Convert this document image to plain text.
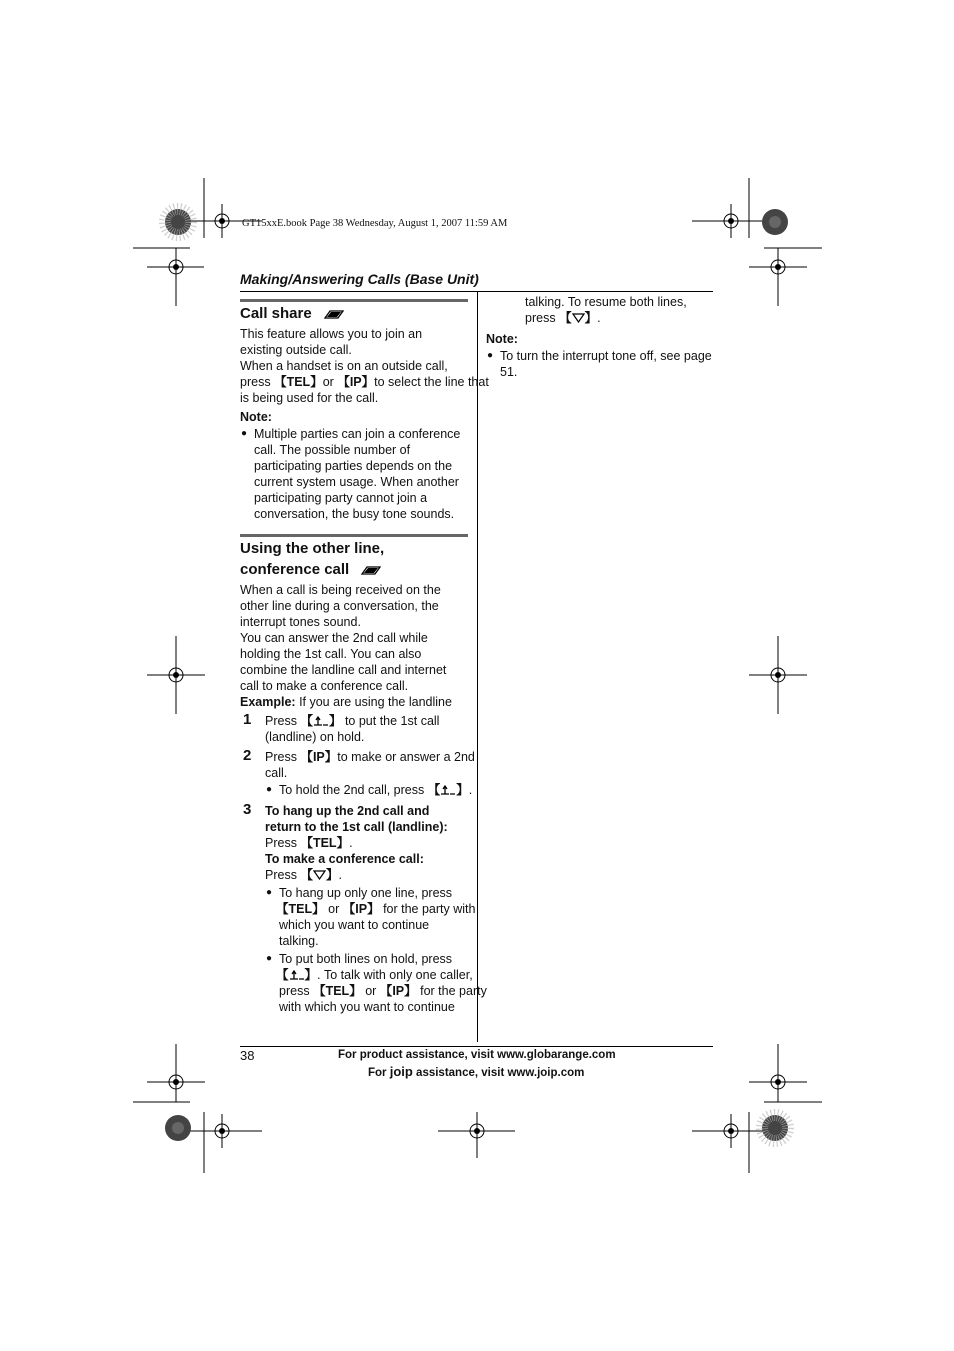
GT15xxE.book Page 38 Wednesday, August 1, 2007 11:59 AM
Making/Answering Calls (Base Unit)
Call share
This feature allows you to join an
existing outside call.
When a handset is on an outside call,
press 【TEL】or 【IP】to select the line that
is being used for the call.
Note:
● Multiple parties can join a conference
call. The possible number of
participating parties depends on the
current system usage. When another
participating party cannot join a
conversation, the busy tone sounds.
Using the other line,
conference call
When a call is being received on the
other line during a conversation, the
interrupt tones sound.
You can answer the 2nd call while
holding the 1st call. You can also
combine the landline call and internet
call to make a conference call.
Example: If you are using the landline
1 Press 【 】 to put the 1st call
(landline) on hold.
2 Press 【IP】to make or answer a 2nd
call.
● To hold the 2nd call, press 【 】.
3 To hang up the 2nd call and
return to the 1st call (landline):
Press 【TEL】.
To make a conference call:
Press 【 】.
● To hang up only one line, press
【TEL】 or 【IP】 for the party with
which you want to continue
talking.
● To put both lines on hold, press
【 】. To talk with only one caller,
press 【TEL】 or 【IP】 for the party
with which you want to continue
talking. To resume both lines,
press 【 】.
Note:
● To turn the interrupt tone off, see page
51.
38	For product assistance, visit www.globarange.com
For joip assistance, visit www.joip.com
